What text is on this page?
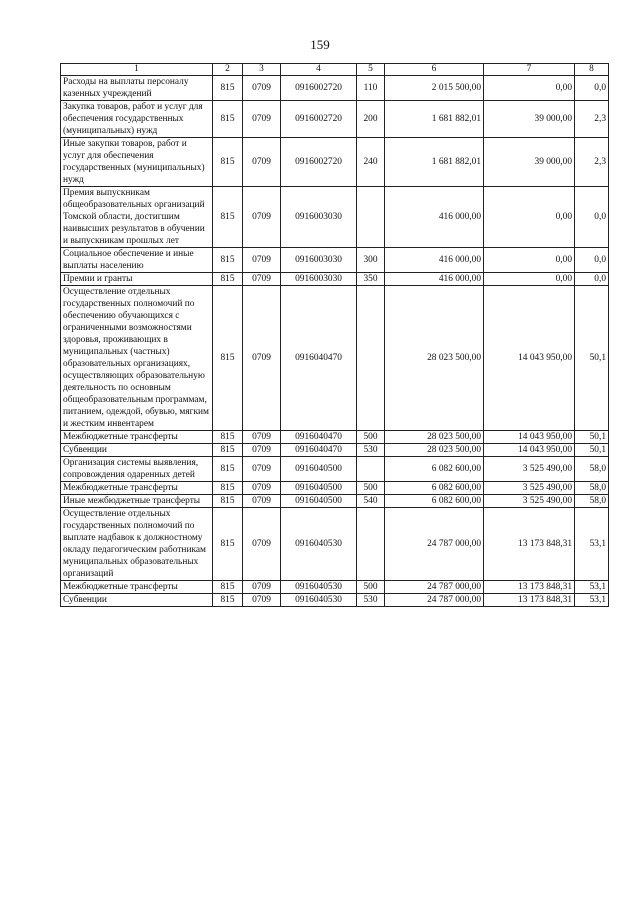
159
1	2	3	4	5	6	7	8
Расходы на выплаты персоналу казенных учреждений	815	0709	0916002720	110	2 015 500,00	0,00	0,0
Закупка товаров, работ и услуг для обеспечения государственных (муниципальных) нужд	815	0709	0916002720	200	1 681 882,01	39 000,00	2,3
Иные закупки товаров, работ и услуг для обеспечения государственных (муниципальных) нужд	815	0709	0916002720	240	1 681 882,01	39 000,00	2,3
Премия выпускникам общеобразовательных организаций Томской области, достигшим наивысших результатов в обучении и выпускникам прошлых лет	815	0709	0916003030		416 000,00	0,00	0,0
Социальное обеспечение и иные выплаты населению	815	0709	0916003030	300	416 000,00	0,00	0,0
Премии и гранты	815	0709	0916003030	350	416 000,00	0,00	0,0
Осуществление отдельных государственных полномочий по обеспечению обучающихся с ограниченными возможностями здоровья, проживающих в муниципальных (частных) образовательных организациях, осуществляющих образовательную деятельность по основным общеобразовательным программам, питанием, одеждой, обувью, мягким и жестким инвентарем	815	0709	0916040470		28 023 500,00	14 043 950,00	50,1
Межбюджетные трансферты	815	0709	0916040470	500	28 023 500,00	14 043 950,00	50,1
Субвенции	815	0709	0916040470	530	28 023 500,00	14 043 950,00	50,1
Организация системы выявления, сопровождения одаренных детей	815	0709	0916040500		6 082 600,00	3 525 490,00	58,0
Межбюджетные трансферты	815	0709	0916040500	500	6 082 600,00	3 525 490,00	58,0
Иные межбюджетные трансферты	815	0709	0916040500	540	6 082 600,00	3 525 490,00	58,0
Осуществление отдельных государственных полномочий по выплате надбавок к должностному окладу педагогическим работникам муниципальных образовательных организаций	815	0709	0916040530		24 787 000,00	13 173 848,31	53,1
Межбюджетные трансферты	815	0709	0916040530	500	24 787 000,00	13 173 848,31	53,1
Субвенции	815	0709	0916040530	530	24 787 000,00	13 173 848,31	53,1
